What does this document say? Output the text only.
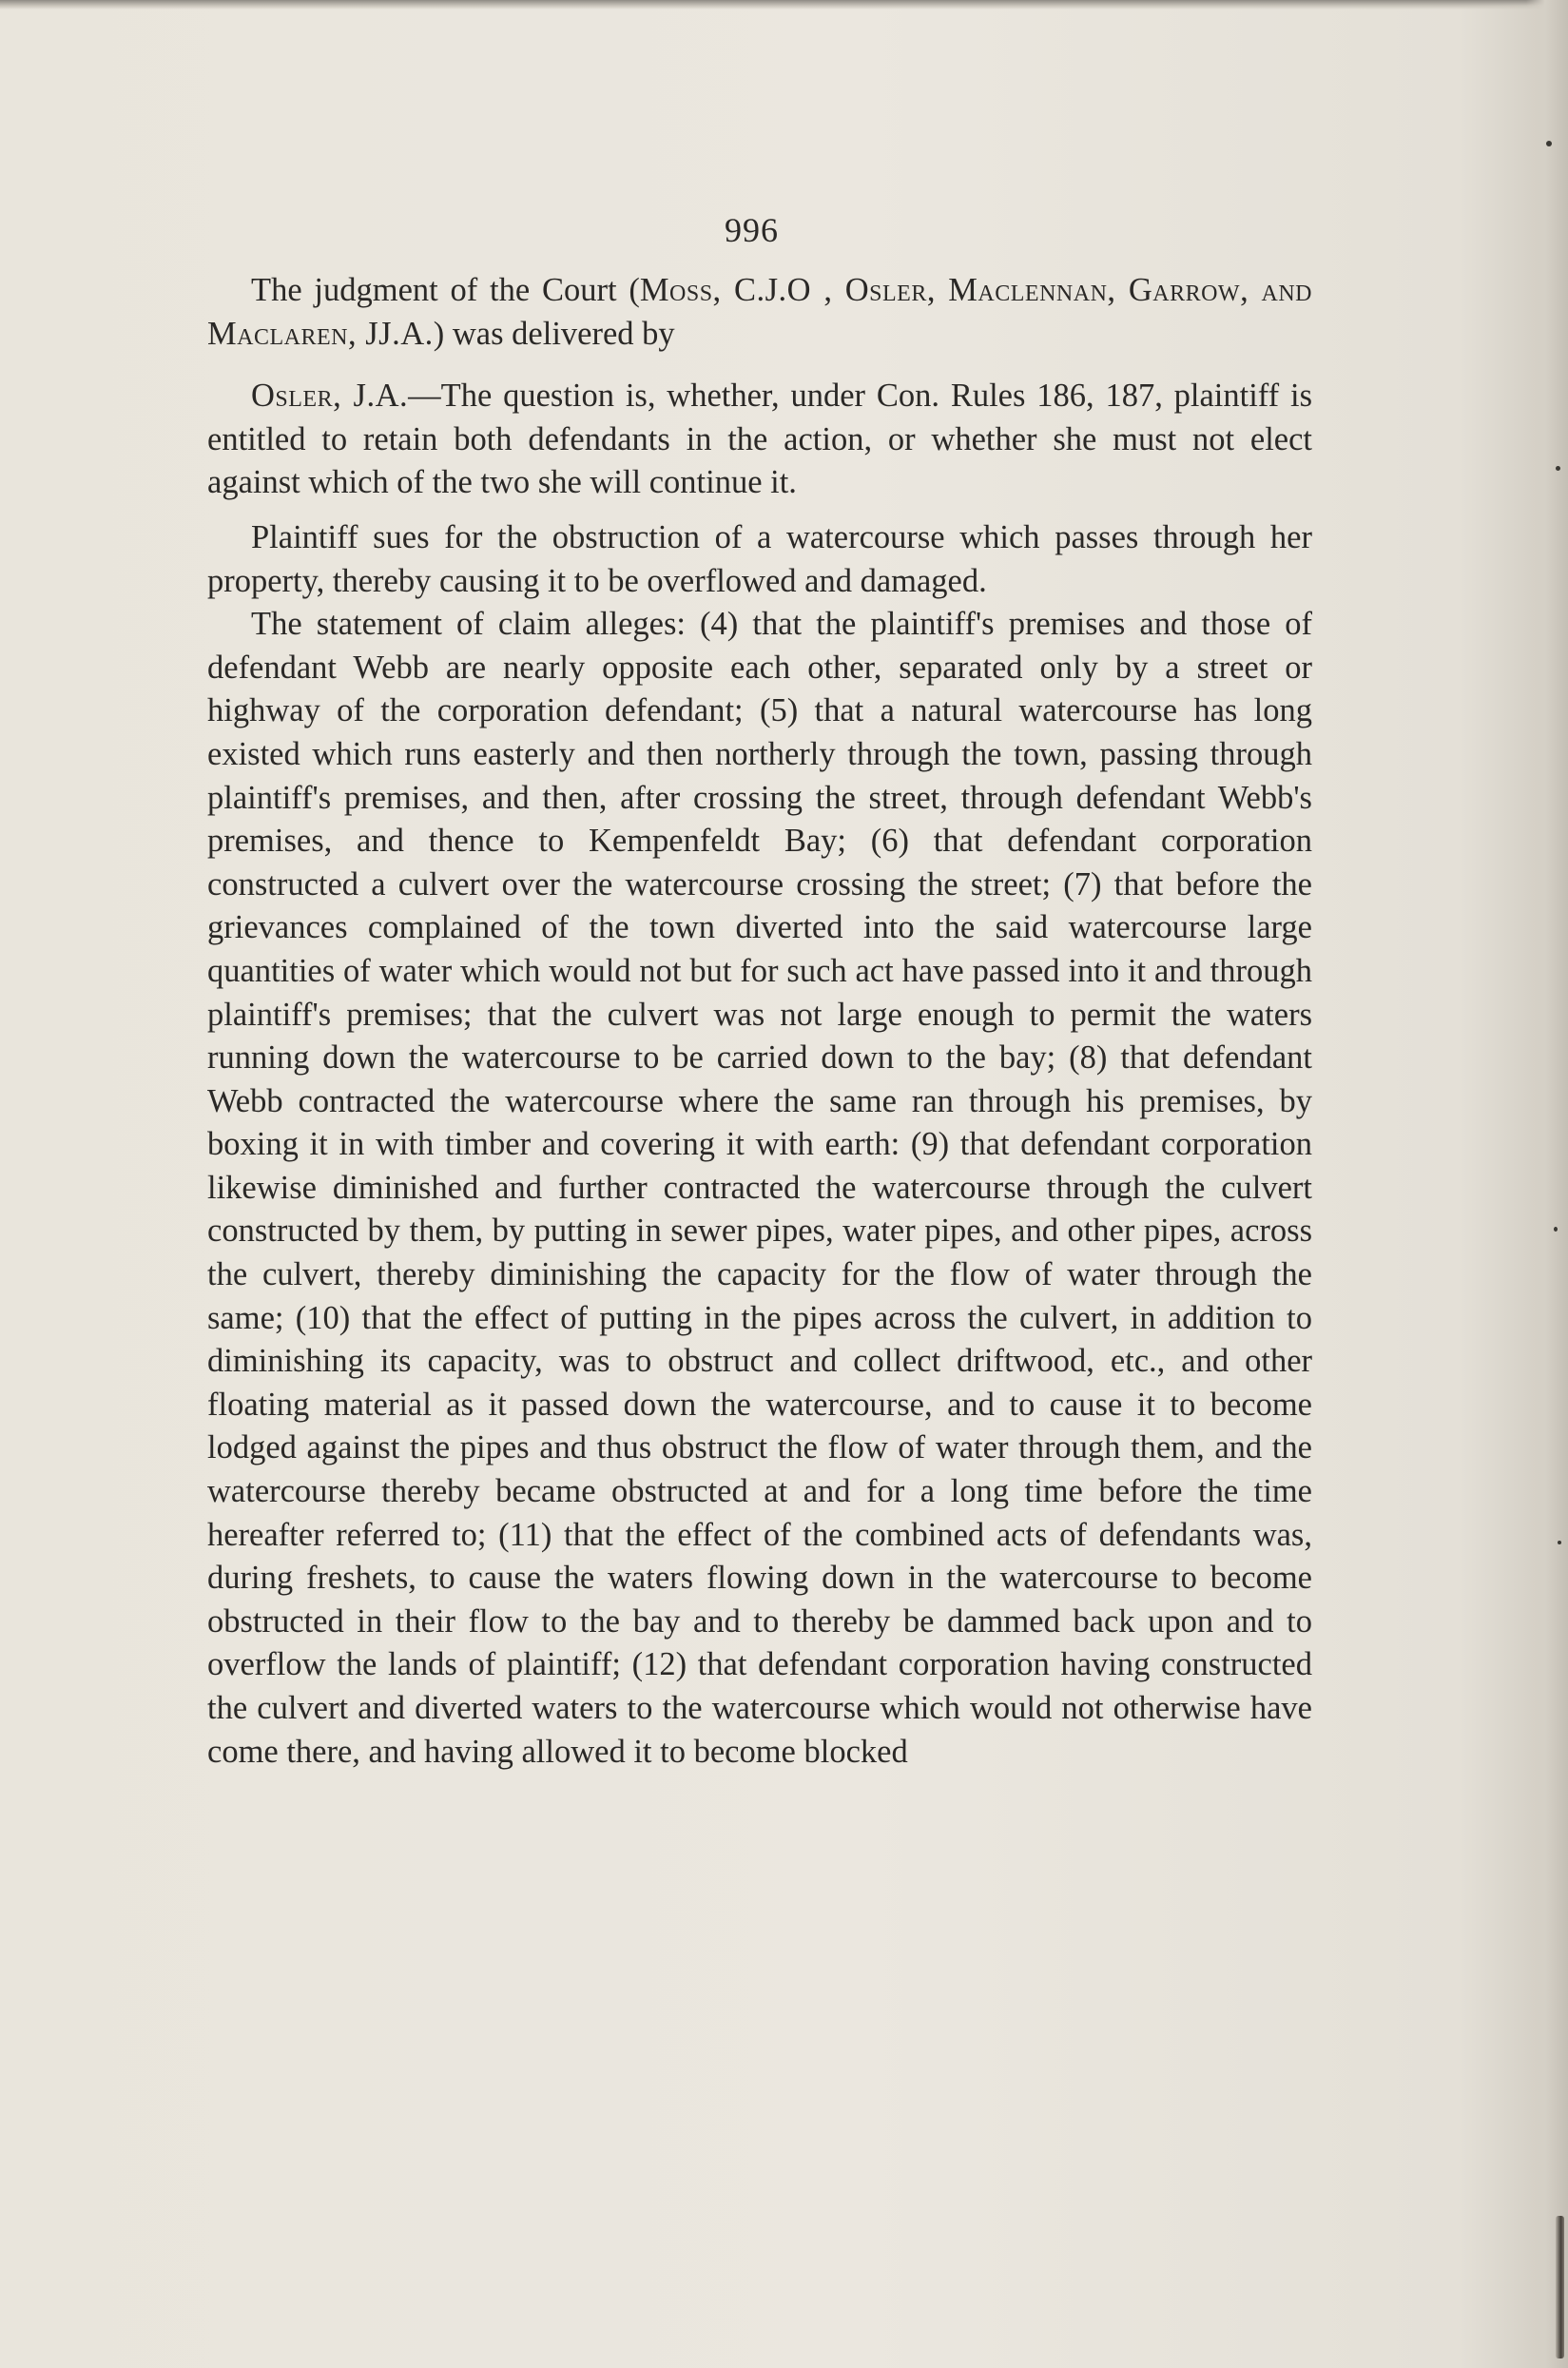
996

The judgment of the Court (Moss, C.J.O , Osler, Maclennan, Garrow, and Maclaren, JJ.A.) was delivered by

Osler, J.A.—The question is, whether, under Con. Rules 186, 187, plaintiff is entitled to retain both defendants in the action, or whether she must not elect against which of the two she will continue it.

Plaintiff sues for the obstruction of a watercourse which passes through her property, thereby causing it to be overflowed and damaged.

The statement of claim alleges: (4) that the plaintiff's premises and those of defendant Webb are nearly opposite each other, separated only by a street or highway of the corporation defendant; (5) that a natural watercourse has long existed which runs easterly and then northerly through the town, passing through plaintiff's premises, and then, after crossing the street, through defendant Webb's premises, and thence to Kempenfeldt Bay; (6) that defendant corporation constructed a culvert over the watercourse crossing the street; (7) that before the grievances complained of the town diverted into the said watercourse large quantities of water which would not but for such act have passed into it and through plaintiff's premises; that the culvert was not large enough to permit the waters running down the watercourse to be carried down to the bay; (8) that defendant Webb contracted the watercourse where the same ran through his premises, by boxing it in with timber and covering it with earth: (9) that defendant corporation likewise diminished and further contracted the watercourse through the culvert constructed by them, by putting in sewer pipes, water pipes, and other pipes, across the culvert, thereby diminishing the capacity for the flow of water through the same; (10) that the effect of putting in the pipes across the culvert, in addition to diminishing its capacity, was to obstruct and collect driftwood, etc., and other floating material as it passed down the watercourse, and to cause it to become lodged against the pipes and thus obstruct the flow of water through them, and the watercourse thereby became obstructed at and for a long time before the time hereafter referred to; (11) that the effect of the combined acts of defendants was, during freshets, to cause the waters flowing down in the watercourse to become obstructed in their flow to the bay and to thereby be dammed back upon and to overflow the lands of plaintiff; (12) that defendant corporation having constructed the culvert and diverted waters to the watercourse which would not otherwise have come there, and having allowed it to become blocked
